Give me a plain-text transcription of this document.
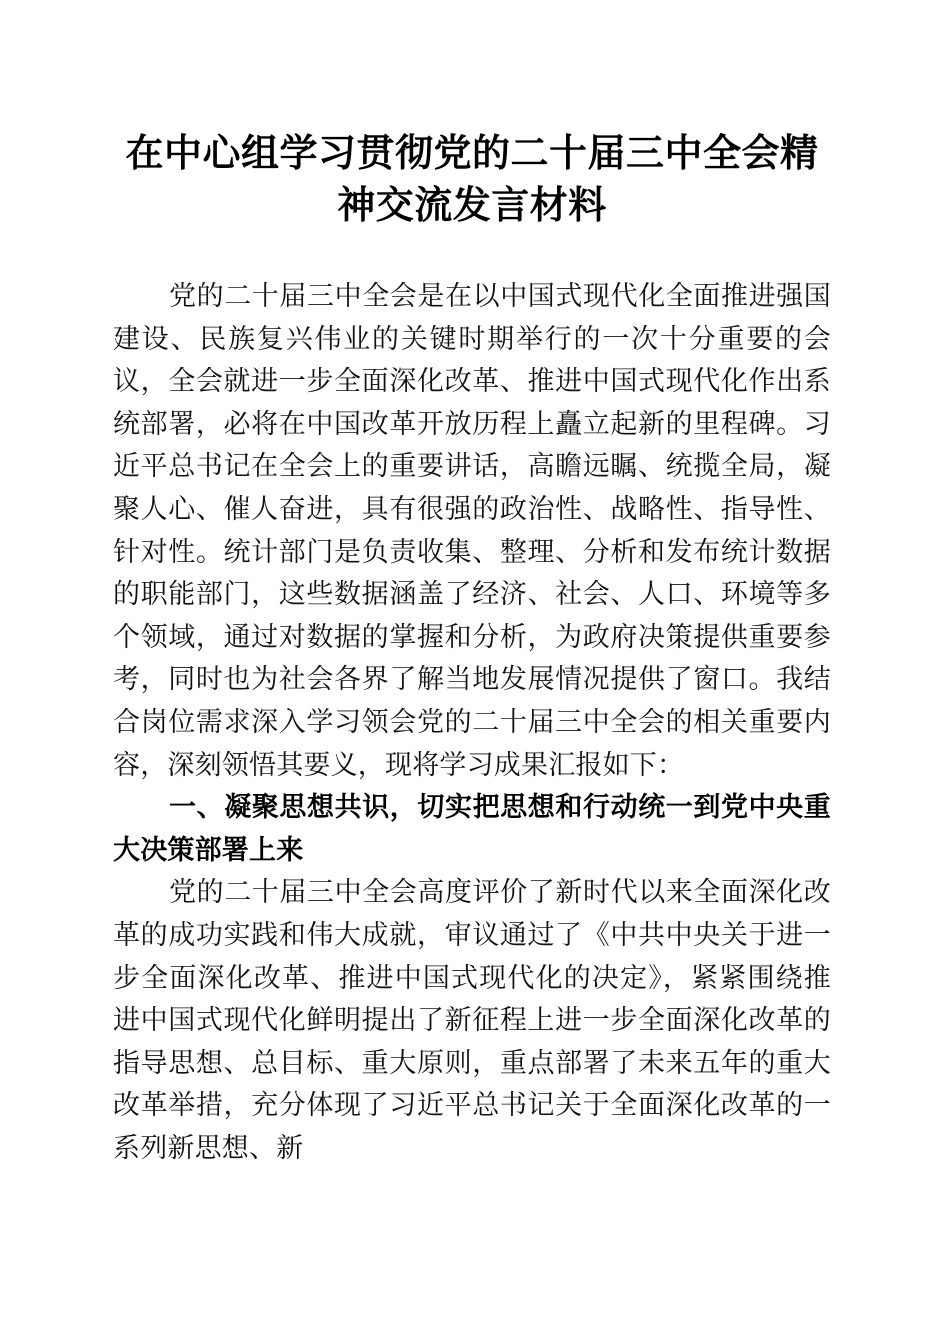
在中心组学习贯彻党的二十届三中全会精神交流发言材料

党的二十届三中全会是在以中国式现代化全面推进强国建设、民族复兴伟业的关键时期举行的一次十分重要的会议，全会就进一步全面深化改革、推进中国式现代化作出系统部署，必将在中国改革开放历程上矗立起新的里程碑。习近平总书记在全会上的重要讲话，高瞻远瞩、统揽全局，凝聚人心、催人奋进，具有很强的政治性、战略性、指导性、针对性。统计部门是负责收集、整理、分析和发布统计数据的职能部门，这些数据涵盖了经济、社会、人口、环境等多个领域，通过对数据的掌握和分析，为政府决策提供重要参考，同时也为社会各界了解当地发展情况提供了窗口。我结合岗位需求深入学习领会党的二十届三中全会的相关重要内容，深刻领悟其要义，现将学习成果汇报如下：

一、凝聚思想共识，切实把思想和行动统一到党中央重大决策部署上来

党的二十届三中全会高度评价了新时代以来全面深化改革的成功实践和伟大成就，审议通过了《中共中央关于进一步全面深化改革、推进中国式现代化的决定》，紧紧围绕推进中国式现代化鲜明提出了新征程上进一步全面深化改革的指导思想、总目标、重大原则，重点部署了未来五年的重大改革举措，充分体现了习近平总书记关于全面深化改革的一系列新思想、新
